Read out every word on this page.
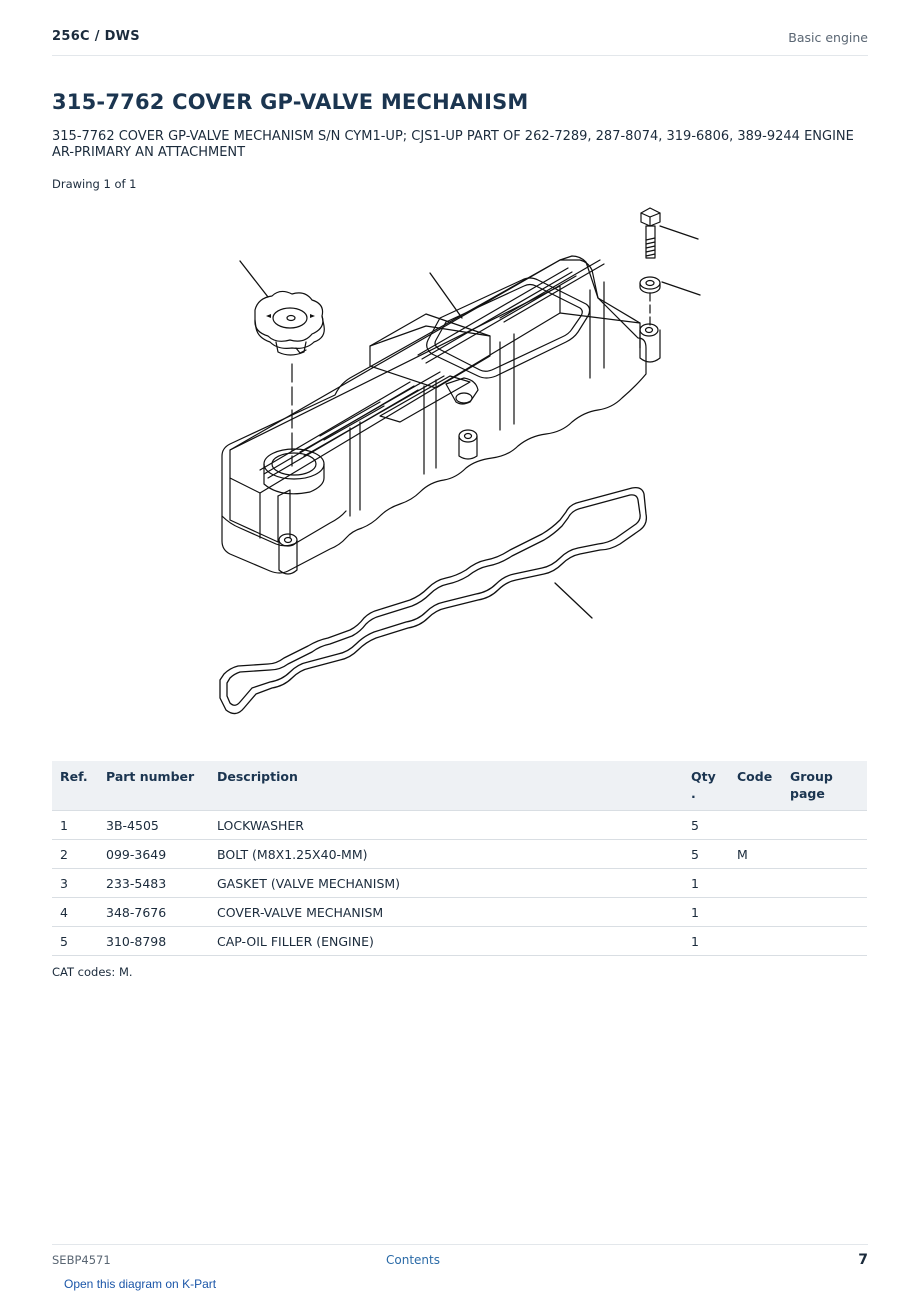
256C / DWS	Basic engine
315-7762 COVER GP-VALVE MECHANISM
315-7762 COVER GP-VALVE MECHANISM S/N CYM1-UP; CJS1-UP PART OF 262-7289, 287-8074, 319-6806, 389-9244 ENGINE AR-PRIMARY AN ATTACHMENT
Drawing 1 of 1
Ref.	Part number	Description	Qty .	Code	Group page
1	3B-4505	LOCKWASHER	5		
2	099-3649	BOLT (M8X1.25X40-MM)	5	M	
3	233-5483	GASKET (VALVE MECHANISM)	1		
4	348-7676	COVER-VALVE MECHANISM	1		
5	310-8798	CAP-OIL FILLER (ENGINE)	1		
CAT codes: M.
SEBP4571	Contents	7
Open this diagram on K-Part
